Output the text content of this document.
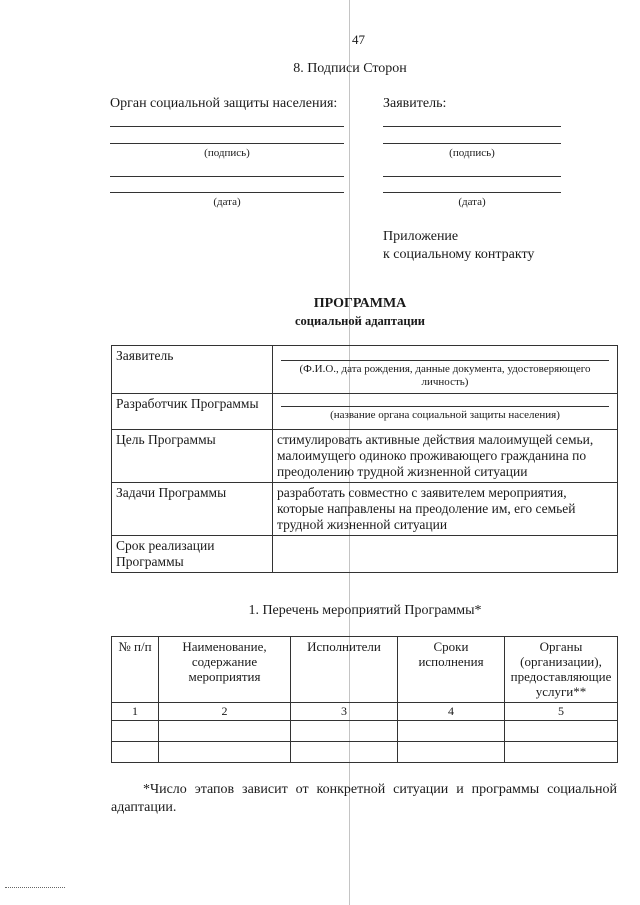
47
8. Подписи Сторон
Орган социальной защиты населения:	Заявитель:
(подпись)
(дата)
(подпись)
(дата)
Приложение
к социальному контракту
ПРОГРАММА
социальной адаптации
Заявитель	(Ф.И.О., дата рождения, данные документа, удостоверяющего личность)

Разработчик Программы	(название органа социальной защиты населения)

Цель Программы	стимулировать активные действия малоимущей семьи, малоимущего одиноко проживающего гражданина по преодолению трудной жизненной ситуации
Задачи Программы	разработать совместно с заявителем мероприятия, которые направлены на преодоление им, его семьей трудной жизненной ситуации
Срок реализации Программы	
1. Перечень мероприятий Программы*
№ п/п	Наименование, содержание мероприятия	Исполнители	Сроки исполнения	Органы (организации), предоставляющие услуги**
1	2	3	4	5

*Число этапов зависит от конкретной ситуации и программы социальной адаптации.
